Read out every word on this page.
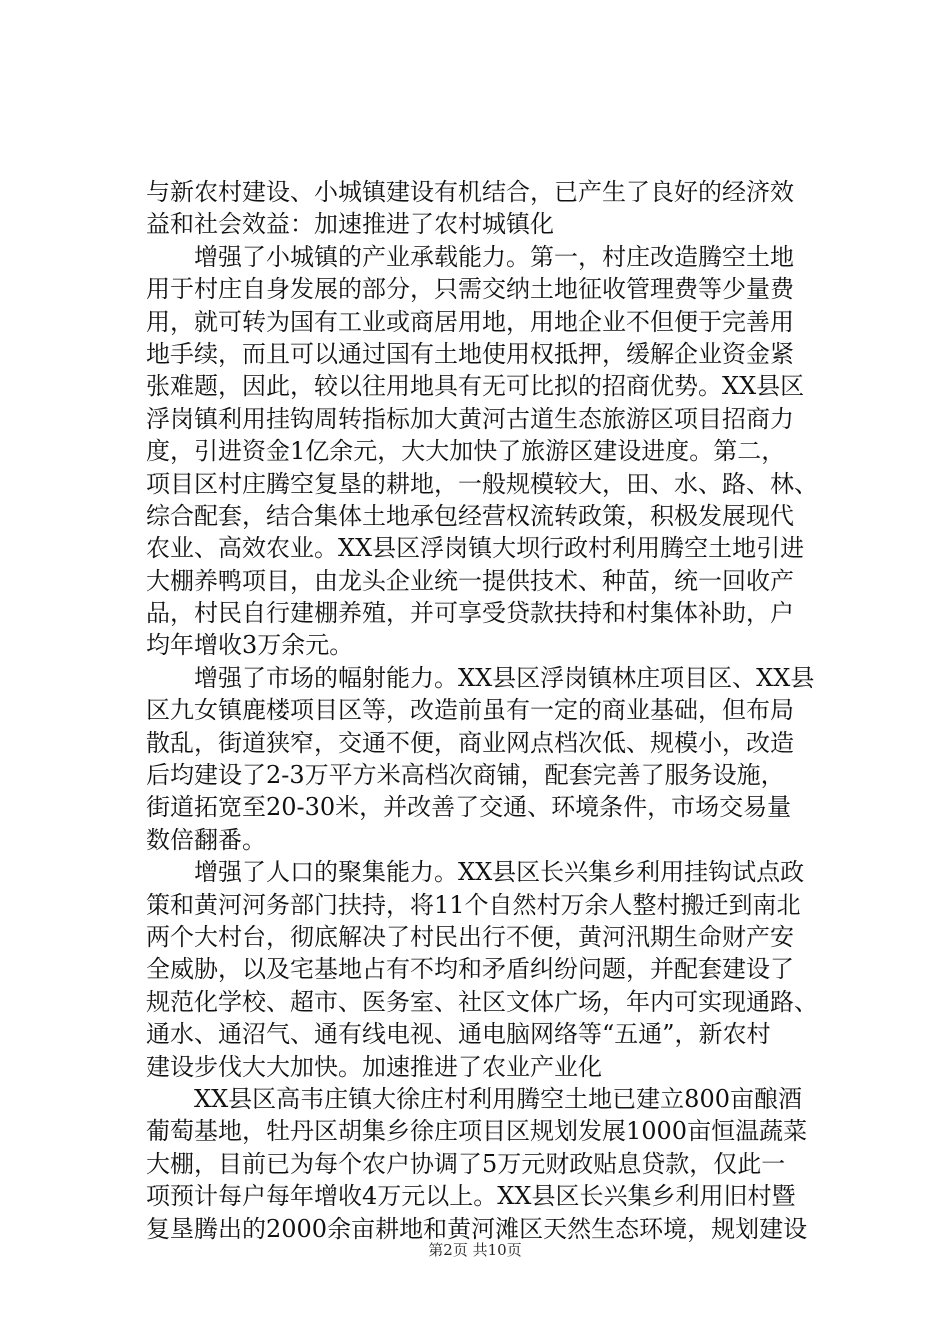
与新农村建设、小城镇建设有机结合，已产生了良好的经济效
益和社会效益：加速推进了农村城镇化
　　增强了小城镇的产业承载能力。第一，村庄改造腾空土地
用于村庄自身发展的部分，只需交纳土地征收管理费等少量费
用，就可转为国有工业或商居用地，用地企业不但便于完善用
地手续，而且可以通过国有土地使用权抵押，缓解企业资金紧
张难题，因此，较以往用地具有无可比拟的招商优势。XX县区
浮岗镇利用挂钩周转指标加大黄河古道生态旅游区项目招商力
度，引进资金1亿余元，大大加快了旅游区建设进度。第二，
项目区村庄腾空复垦的耕地，一般规模较大，田、水、路、林、
综合配套，结合集体土地承包经营权流转政策，积极发展现代
农业、高效农业。XX县区浮岗镇大坝行政村利用腾空土地引进
大棚养鸭项目，由龙头企业统一提供技术、种苗，统一回收产
品，村民自行建棚养殖，并可享受贷款扶持和村集体补助，户
均年增收3万余元。
　　增强了市场的幅射能力。XX县区浮岗镇林庄项目区、XX县
区九女镇鹿楼项目区等，改造前虽有一定的商业基础，但布局
散乱，街道狭窄，交通不便，商业网点档次低、规模小，改造
后均建设了2-3万平方米高档次商铺，配套完善了服务设施，
街道拓宽至20-30米，并改善了交通、环境条件，市场交易量
数倍翻番。
　　增强了人口的聚集能力。XX县区长兴集乡利用挂钩试点政
策和黄河河务部门扶持，将11个自然村万余人整村搬迁到南北
两个大村台，彻底解决了村民出行不便，黄河汛期生命财产安
全威胁，以及宅基地占有不均和矛盾纠纷问题，并配套建设了
规范化学校、超市、医务室、社区文体广场，年内可实现通路、
通水、通沼气、通有线电视、通电脑网络等“五通”，新农村
建设步伐大大加快。加速推进了农业产业化
　　XX县区高韦庄镇大徐庄村利用腾空土地已建立800亩酿酒
葡萄基地，牡丹区胡集乡徐庄项目区规划发展1000亩恒温蔬菜
大棚，目前已为每个农户协调了5万元财政贴息贷款，仅此一
项预计每户每年增收4万元以上。XX县区长兴集乡利用旧村暨
复垦腾出的2000余亩耕地和黄河滩区天然生态环境，规划建设
第2页 共10页
